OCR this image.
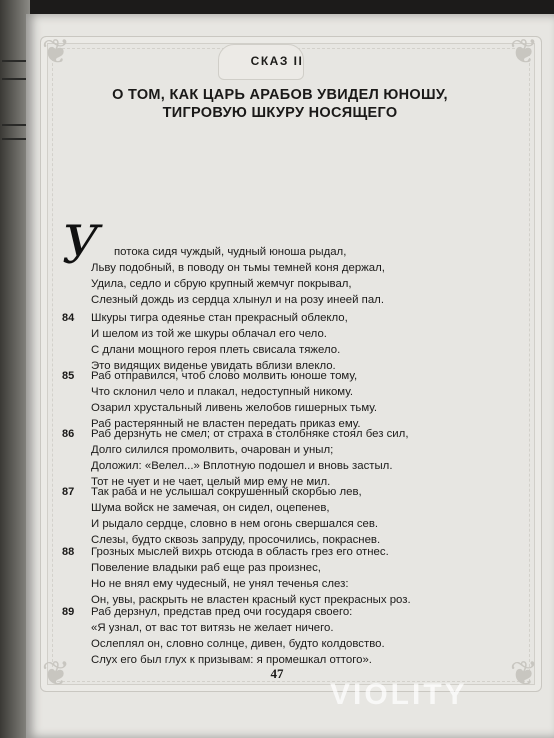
❦	❦
❦	❦
СКАЗ II
О ТОМ, КАК ЦАРЬ АРАБОВ УВИДЕЛ ЮНОШУ,
ТИГРОВУЮ ШКУРУ НОСЯЩЕГО
У потока сидя чуждый, чудный юноша рыдал,
Льву подобный, в поводу он тьмы темней коня держал,
Удила, седло и сбрую крупный жемчуг покрывал,
Слезный дождь из сердца хлынул и на розу инеей пал.
84	Шкуры тигра одеянье стан прекрасный облекло,
И шелом из той же шкуры облачал его чело.
С длани мощного героя плеть свисала тяжело.
Это видящих виденье увидать вблизи влекло.
85	Раб отправился, чтоб слово молвить юноше тому,
Что склонил чело и плакал, недоступный никому.
Озарил хрустальный ливень желобов гишерных тьму.
Раб растерянный не властен передать приказ ему.
86	Раб дерзнуть не смел; от страха в столбняке стоял без сил,
Долго силился промолвить, очарован и уныл;
Доложил: «Велел...» Вплотную подошел и вновь застыл.
Тот не чует и не чает, целый мир ему не мил.
87	Так раба и не услышал сокрушенный скорбью лев,
Шума войск не замечая, он сидел, оцепенев,
И рыдало сердце, словно в нем огонь свершался сев.
Слезы, будто сквозь запруду, просочились, покраснев.
88	Грозных мыслей вихрь отсюда в область грез его отнес.
Повеление владыки раб еще раз произнес,
Но не внял ему чудесный, не унял теченья слез:
Он, увы, раскрыть не властен красный куст прекрасных роз.
89	Раб дерзнул, представ пред очи государя своего:
«Я узнал, от вас тот витязь не желает ничего.
Ослеплял он, словно солнце, дивен, будто колдовство.
Слух его был глух к призывам: я промешкал оттого».
47
VIOLITY
